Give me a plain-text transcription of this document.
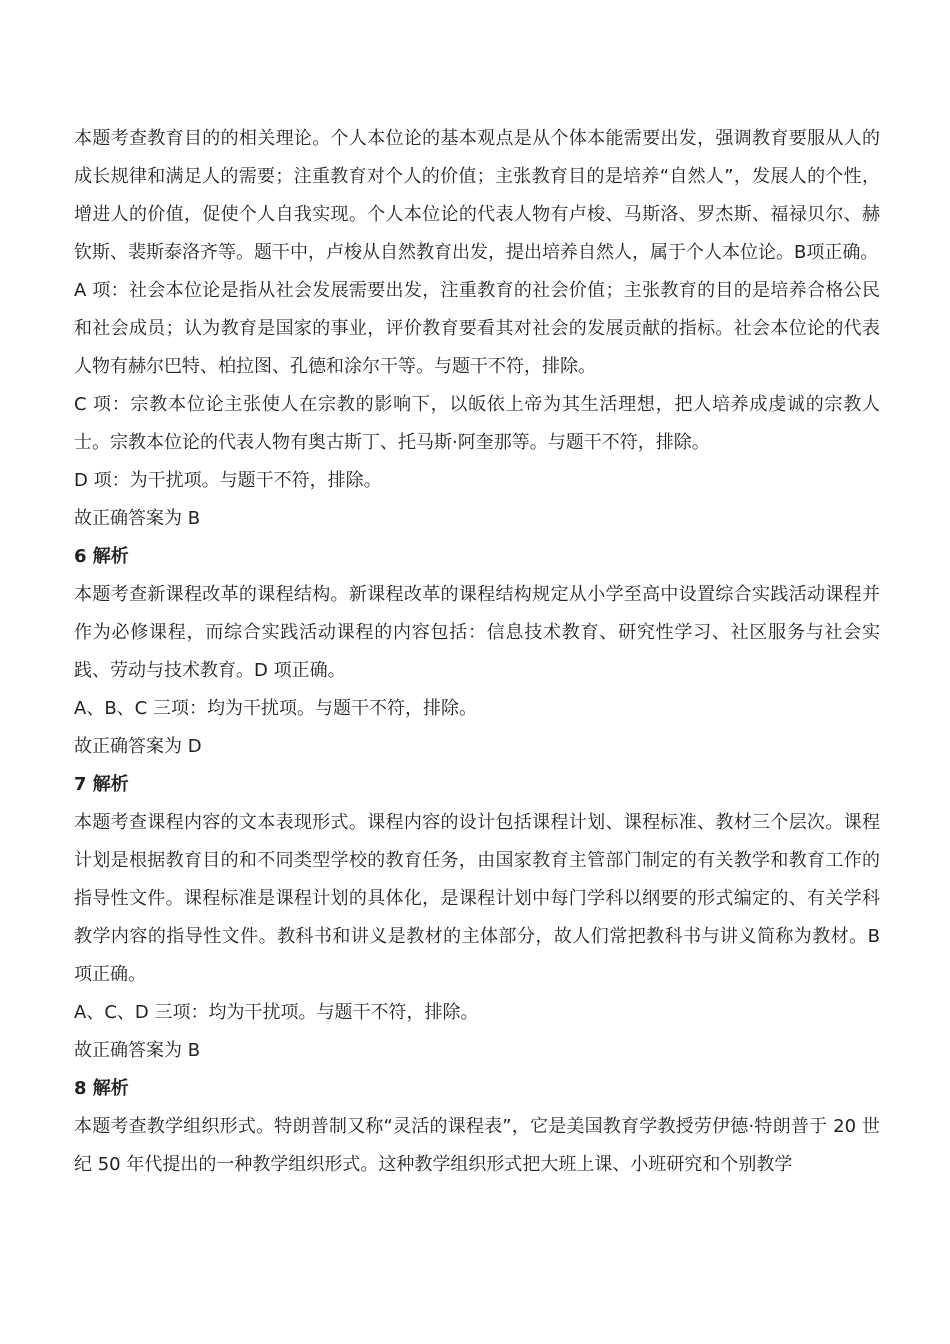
本题考查教育目的的相关理论。个人本位论的基本观点是从个体本能需要出发，强调教育要服从人的成长规律和满足人的需要；注重教育对个人的价值；主张教育目的是培养“自然人”，发展人的个性，增进人的价值，促使个人自我实现。个人本位论的代表人物有卢梭、马斯洛、罗杰斯、福禄贝尔、赫钦斯、裴斯泰洛齐等。题干中，卢梭从自然教育出发，提出培养自然人，属于个人本位论。B项正确。

A 项：社会本位论是指从社会发展需要出发，注重教育的社会价值；主张教育的目的是培养合格公民和社会成员；认为教育是国家的事业，评价教育要看其对社会的发展贡献的指标。社会本位论的代表人物有赫尔巴特、柏拉图、孔德和涂尔干等。与题干不符，排除。

C 项：宗教本位论主张使人在宗教的影响下，以皈依上帝为其生活理想，把人培养成虔诚的宗教人士。宗教本位论的代表人物有奥古斯丁、托马斯·阿奎那等。与题干不符，排除。

D 项：为干扰项。与题干不符，排除。

故正确答案为 B

6 解析

本题考查新课程改革的课程结构。新课程改革的课程结构规定从小学至高中设置综合实践活动课程并作为必修课程，而综合实践活动课程的内容包括：信息技术教育、研究性学习、社区服务与社会实践、劳动与技术教育。D 项正确。

A、B、C 三项：均为干扰项。与题干不符，排除。

故正确答案为 D

7 解析

本题考查课程内容的文本表现形式。课程内容的设计包括课程计划、课程标准、教材三个层次。课程计划是根据教育目的和不同类型学校的教育任务，由国家教育主管部门制定的有关教学和教育工作的指导性文件。课程标准是课程计划的具体化，是课程计划中每门学科以纲要的形式编定的、有关学科教学内容的指导性文件。教科书和讲义是教材的主体部分，故人们常把教科书与讲义简称为教材。B 项正确。

A、C、D 三项：均为干扰项。与题干不符，排除。

故正确答案为 B

8 解析

本题考查教学组织形式。特朗普制又称“灵活的课程表”，它是美国教育学教授劳伊德·特朗普于 20 世纪 50 年代提出的一种教学组织形式。这种教学组织形式把大班上课、小班研究和个别教学
